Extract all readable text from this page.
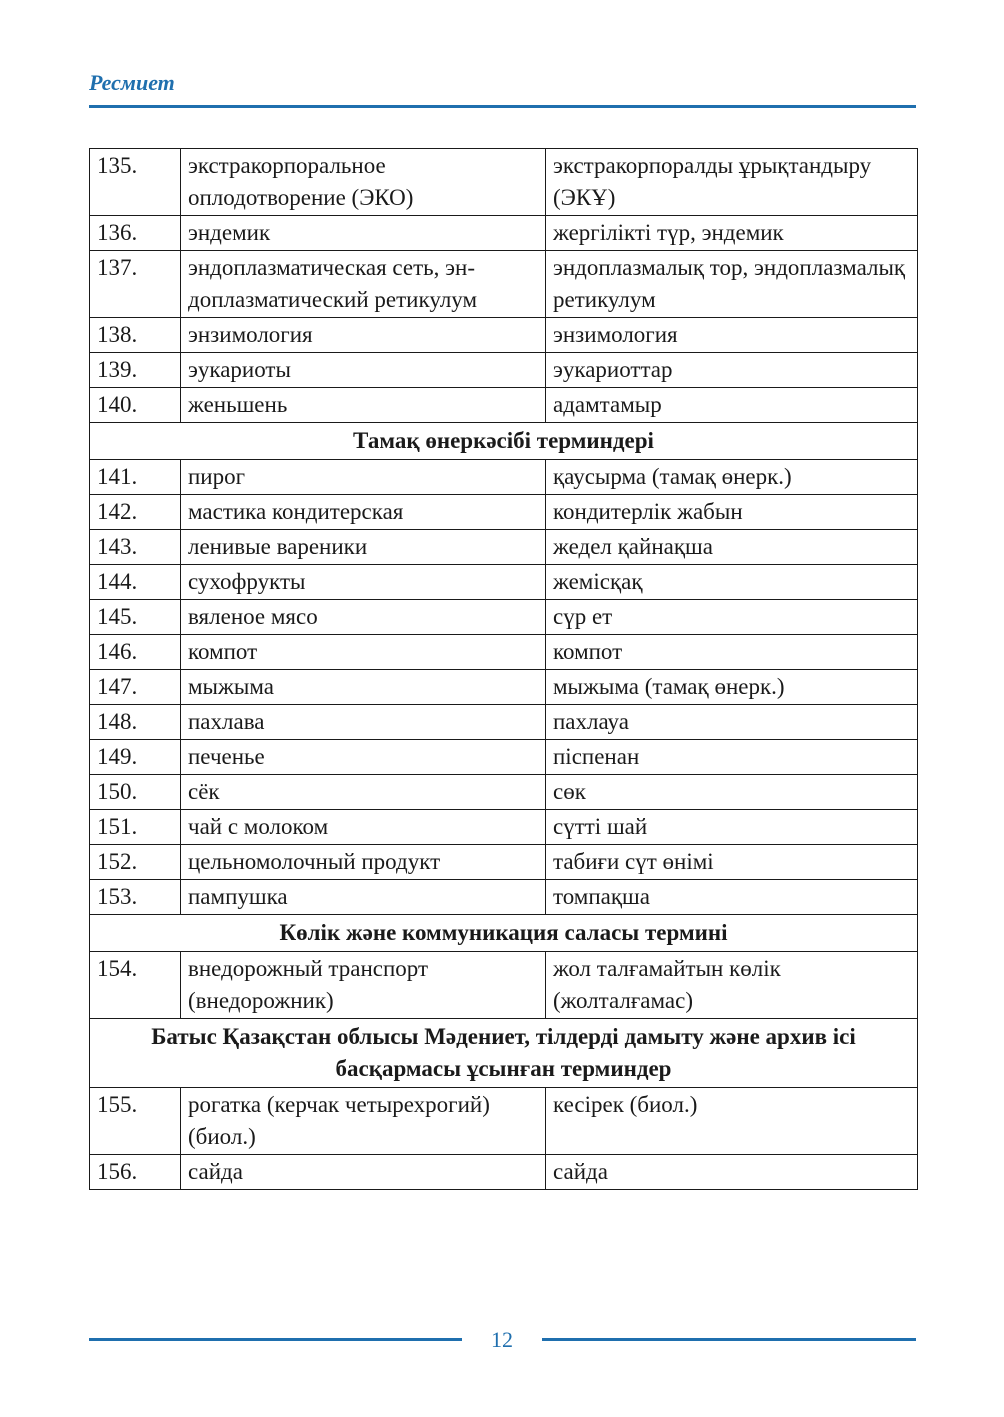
Ресмиет
135.	экстракорпоральное оплодотворение (ЭКО)	экстракорпоралды ұрықтандыру (ЭКҰ)
136.	эндемик	жергілікті түр, эндемик
137.	эндоплазматическая сеть, эн-доплазматический ретикулум	эндоплазмалық тор, эндоплазмалық ретикулум
138.	энзимология	энзимология
139.	эукариоты	эукариоттар
140.	женьшень	адамтамыр
Тамақ өнеркәсібі терминдері		
141.	пирог	қаусырма (тамақ өнерк.)
142.	мастика кондитерская	кондитерлік жабын
143.	ленивые вареники	жедел қайнақша
144.	сухофрукты	жемісқақ
145.	вяленое мясо	сүр ет
146.	компот	компот
147.	мыжыма	мыжыма (тамақ өнерк.)
148.	пахлава	пахлауа
149.	печенье	піспенан
150.	сёк	сөк
151.	чай с молоком	сүтті шай
152.	цельномолочный продукт	табиғи сүт өнімі
153.	пампушка	томпақша
Көлік және коммуникация саласы термині		
154.	внедорожный транспорт (внедорожник)	жол талғамайтын көлік (жолталғамас)
Батыс Қазақстан облысы Мәдениет, тілдерді дамыту және архив ісі басқармасы ұсынған терминдер		
155.	рогатка (керчак четырехрогий) (биол.)	кесірек (биол.)
156.	сайда	сайда
12
